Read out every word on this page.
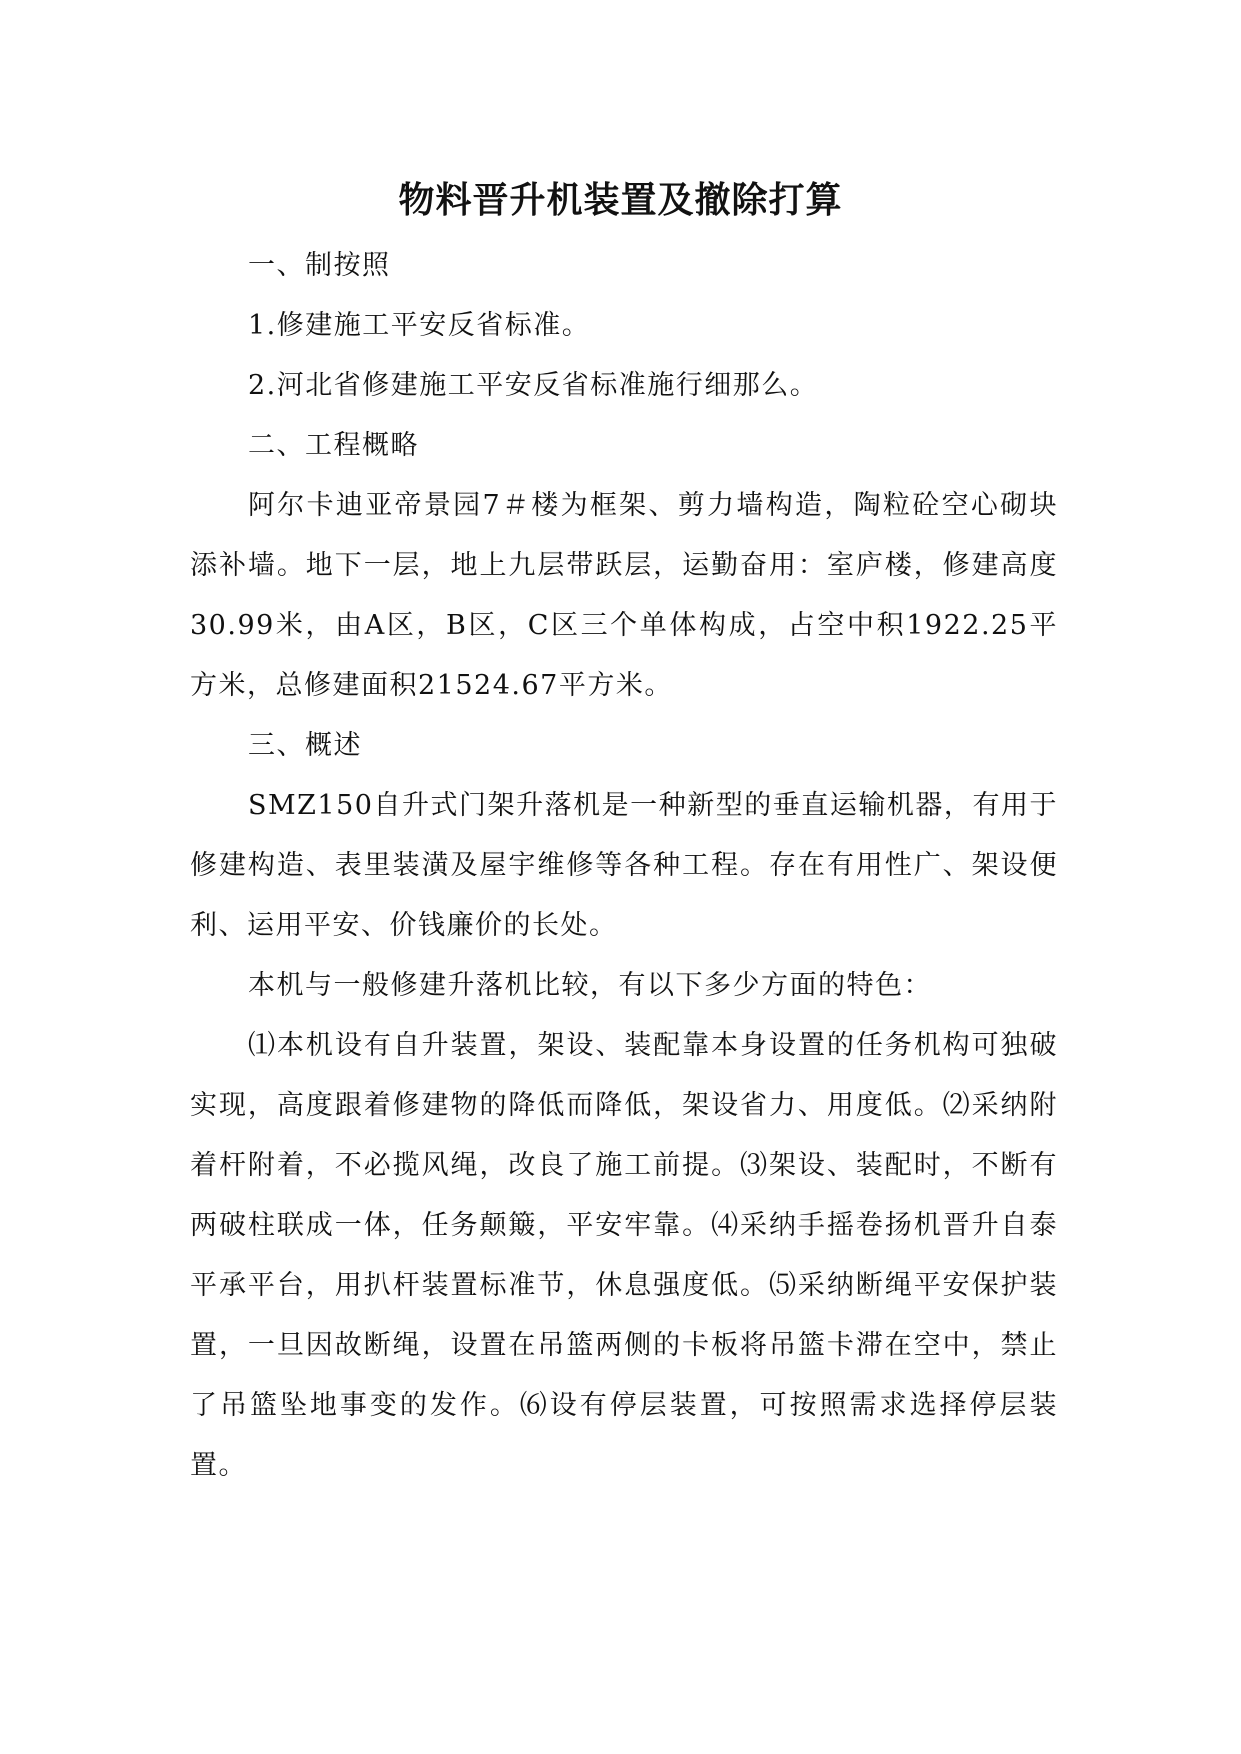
物料晋升机装置及撤除打算

一、制按照

1.修建施工平安反省标准。

2.河北省修建施工平安反省标准施行细那么。

二、工程概略

阿尔卡迪亚帝景园7＃楼为框架、剪力墙构造，陶粒砼空心砌块添补墙。地下一层，地上九层带跃层，运勤奋用：室庐楼，修建高度30.99米，由A区，B区，C区三个单体构成，占空中积1922.25平方米，总修建面积21524.67平方米。

三、概述

SMZ150自升式门架升落机是一种新型的垂直运输机器，有用于修建构造、表里装潢及屋宇维修等各种工程。存在有用性广、架设便利、运用平安、价钱廉价的长处。

本机与一般修建升落机比较，有以下多少方面的特色：

⑴本机设有自升装置，架设、装配靠本身设置的任务机构可独破实现，高度跟着修建物的降低而降低，架设省力、用度低。⑵采纳附着杆附着，不必揽风绳，改良了施工前提。⑶架设、装配时，不断有两破柱联成一体，任务颠簸，平安牢靠。⑷采纳手摇卷扬机晋升自泰平承平台，用扒杆装置标准节，休息强度低。⑸采纳断绳平安保护装置，一旦因故断绳，设置在吊篮两侧的卡板将吊篮卡滞在空中，禁止了吊篮坠地事变的发作。⑹设有停层装置，可按照需求选择停层装置。
